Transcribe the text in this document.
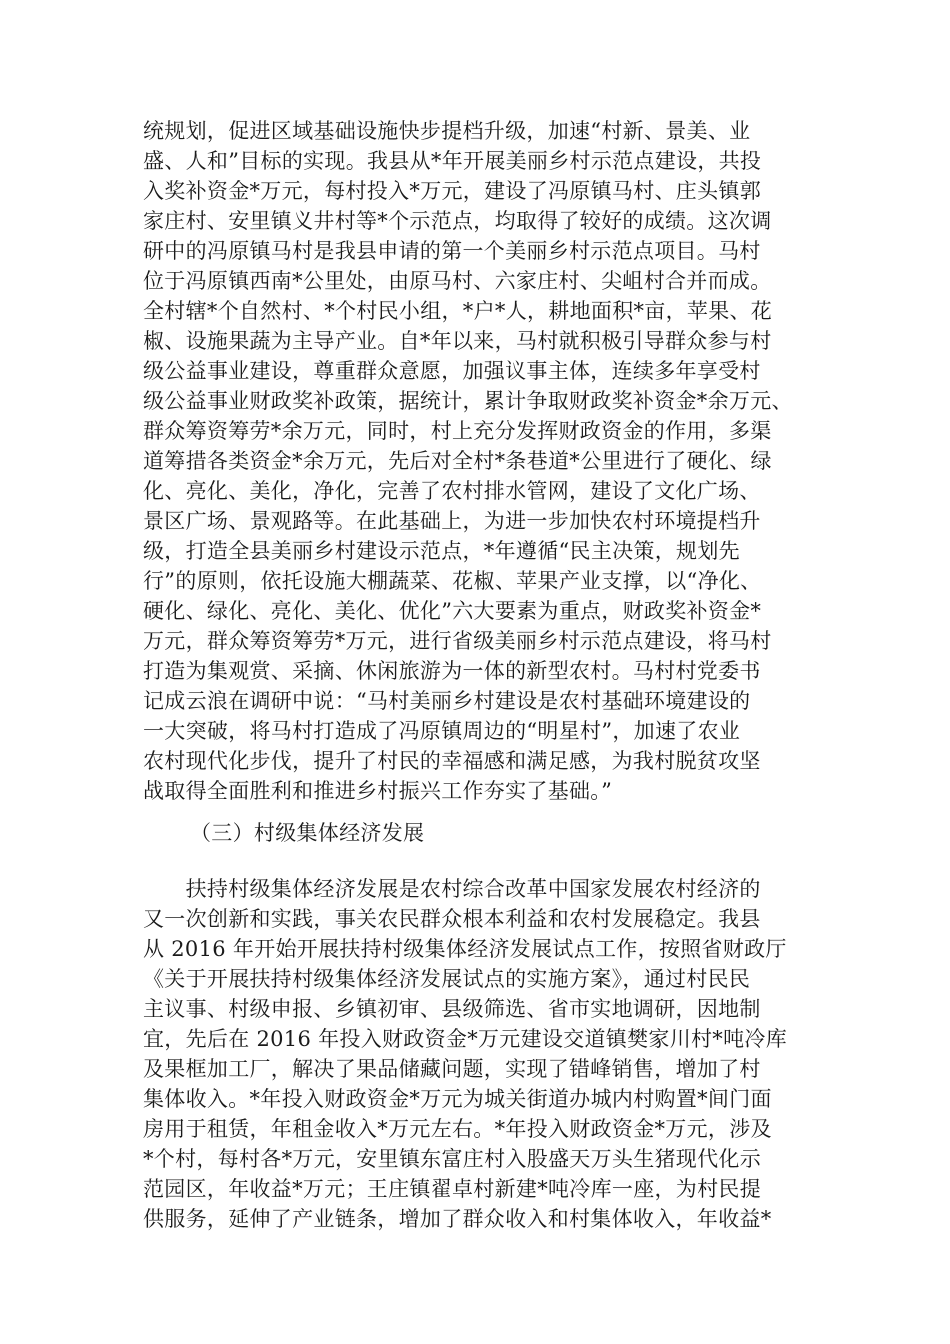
统规划，促进区域基础设施快步提档升级，加速“村新、景美、业
盛、人和”目标的实现。我县从*年开展美丽乡村示范点建设，共投
入奖补资金*万元，每村投入*万元，建设了冯原镇马村、庄头镇郭
家庄村、安里镇义井村等*个示范点，均取得了较好的成绩。这次调
研中的冯原镇马村是我县申请的第一个美丽乡村示范点项目。马村
位于冯原镇西南*公里处，由原马村、六家庄村、尖岨村合并而成。
全村辖*个自然村、*个村民小组，*户*人，耕地面积*亩，苹果、花
椒、设施果蔬为主导产业。自*年以来，马村就积极引导群众参与村
级公益事业建设，尊重群众意愿，加强议事主体，连续多年享受村
级公益事业财政奖补政策，据统计，累计争取财政奖补资金*余万元、
群众筹资筹劳*余万元，同时，村上充分发挥财政资金的作用，多渠
道筹措各类资金*余万元，先后对全村*条巷道*公里进行了硬化、绿
化、亮化、美化，净化，完善了农村排水管网，建设了文化广场、
景区广场、景观路等。在此基础上，为进一步加快农村环境提档升
级，打造全县美丽乡村建设示范点，*年遵循“民主决策，规划先
行”的原则，依托设施大棚蔬菜、花椒、苹果产业支撑，以“净化、
硬化、绿化、亮化、美化、优化”六大要素为重点，财政奖补资金*
万元，群众筹资筹劳*万元，进行省级美丽乡村示范点建设，将马村
打造为集观赏、采摘、休闲旅游为一体的新型农村。马村村党委书
记成云浪在调研中说：“马村美丽乡村建设是农村基础环境建设的
一大突破，将马村打造成了冯原镇周边的“明星村”，加速了农业
农村现代化步伐，提升了村民的幸福感和满足感，为我村脱贫攻坚
战取得全面胜利和推进乡村振兴工作夯实了基础。”
（三）村级集体经济发展
　　扶持村级集体经济发展是农村综合改革中国家发展农村经济的
又一次创新和实践，事关农民群众根本利益和农村发展稳定。我县
从 2016 年开始开展扶持村级集体经济发展试点工作，按照省财政厅
《关于开展扶持村级集体经济发展试点的实施方案》，通过村民民
主议事、村级申报、乡镇初审、县级筛选、省市实地调研，因地制
宜，先后在 2016 年投入财政资金*万元建设交道镇樊家川村*吨冷库
及果框加工厂，解决了果品储藏问题，实现了错峰销售，增加了村
集体收入。*年投入财政资金*万元为城关街道办城内村购置*间门面
房用于租赁，年租金收入*万元左右。*年投入财政资金*万元，涉及
*个村，每村各*万元，安里镇东富庄村入股盛天万头生猪现代化示
范园区，年收益*万元；王庄镇翟卓村新建*吨冷库一座，为村民提
供服务，延伸了产业链条，增加了群众收入和村集体收入，年收益*
